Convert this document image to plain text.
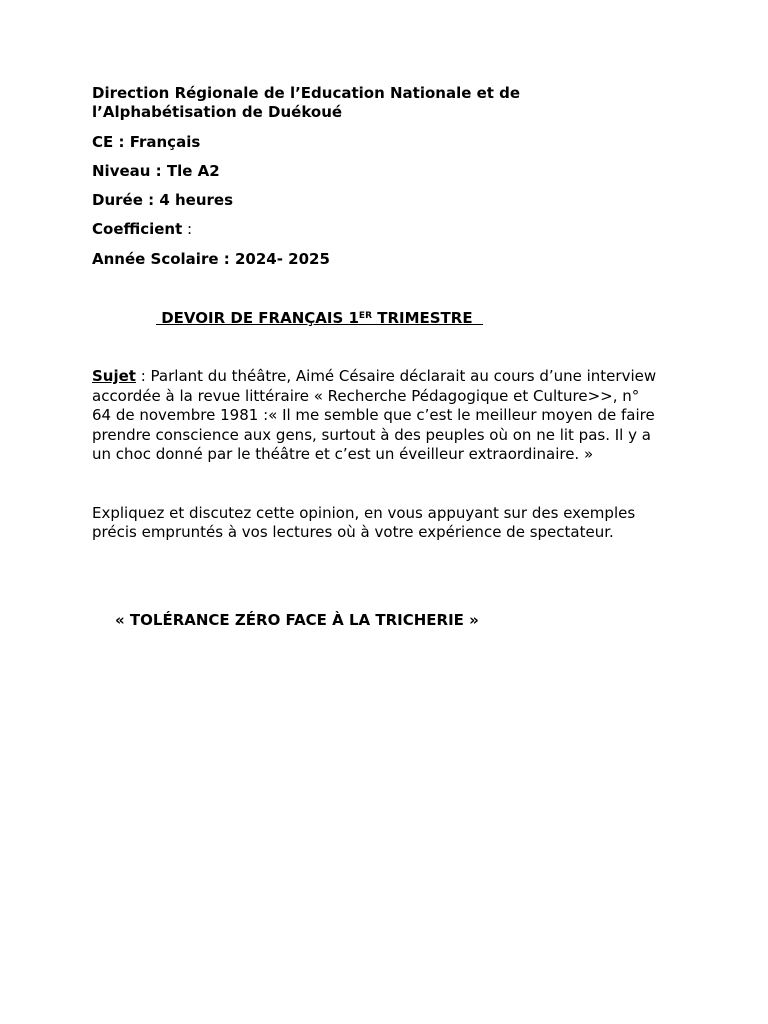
Direction Régionale de l’Education Nationale et de
l’Alphabétisation de Duékoué
CE : Français
Niveau : Tle A2
Durée : 4 heures
Coefficient :
Année Scolaire : 2024- 2025
DEVOIR DE FRANÇAIS 1ER TRIMESTRE
Sujet : Parlant du théâtre, Aimé Césaire déclarait au cours d’une interview
accordée à la revue littéraire « Recherche Pédagogique et Culture>>, n°
64 de novembre 1981 :« Il me semble que c’est le meilleur moyen de faire
prendre conscience aux gens, surtout à des peuples où on ne lit pas. Il y a
un choc donné par le théâtre et c’est un éveilleur extraordinaire. »
Expliquez et discutez cette opinion, en vous appuyant sur des exemples
précis empruntés à vos lectures où à votre expérience de spectateur.
« TOLÉRANCE ZÉRO FACE À LA TRICHERIE »
